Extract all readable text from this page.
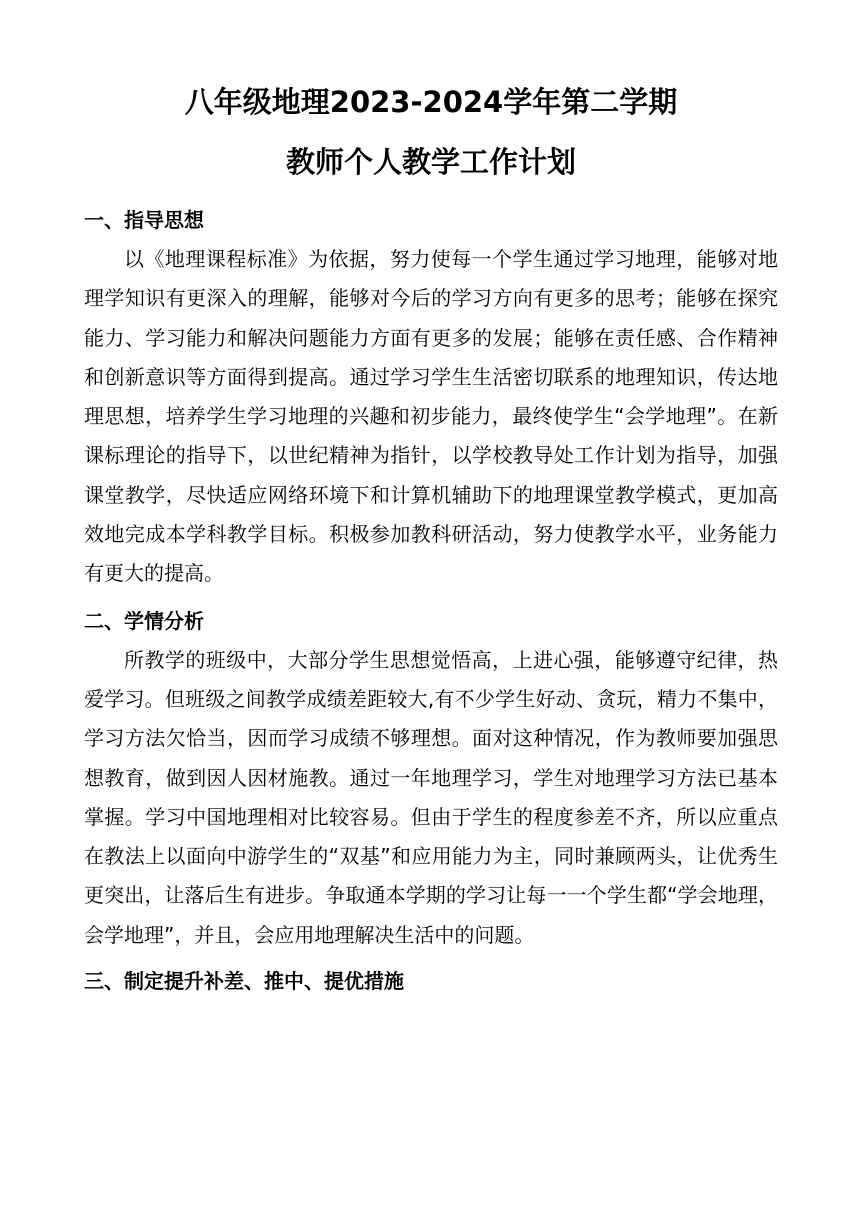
八年级地理2023-2024学年第二学期
教师个人教学工作计划
一、指导思想

以《地理课程标准》为依据，努力使每一个学生通过学习地理，能够对地理学知识有更深入的理解，能够对今后的学习方向有更多的思考；能够在探究能力、学习能力和解决问题能力方面有更多的发展；能够在责任感、合作精神和创新意识等方面得到提高。通过学习学生生活密切联系的地理知识，传达地理思想，培养学生学习地理的兴趣和初步能力，最终使学生“会学地理”。在新课标理论的指导下，以世纪精神为指针，以学校教导处工作计划为指导，加强课堂教学，尽快适应网络环境下和计算机辅助下的地理课堂教学模式，更加高效地完成本学科教学目标。积极参加教科研活动，努力使教学水平，业务能力有更大的提高。

二、学情分析

所教学的班级中，大部分学生思想觉悟高，上进心强，能够遵守纪律，热爱学习。但班级之间教学成绩差距较大,有不少学生好动、贪玩，精力不集中，学习方法欠恰当，因而学习成绩不够理想。面对这种情况，作为教师要加强思想教育，做到因人因材施教。通过一年地理学习，学生对地理学习方法已基本掌握。学习中国地理相对比较容易。但由于学生的程度参差不齐，所以应重点在教法上以面向中游学生的“双基”和应用能力为主，同时兼顾两头，让优秀生更突出，让落后生有进步。争取通本学期的学习让每一一个学生都“学会地理，会学地理”，并且，会应用地理解决生活中的问题。

三、制定提升补差、推中、提优措施
